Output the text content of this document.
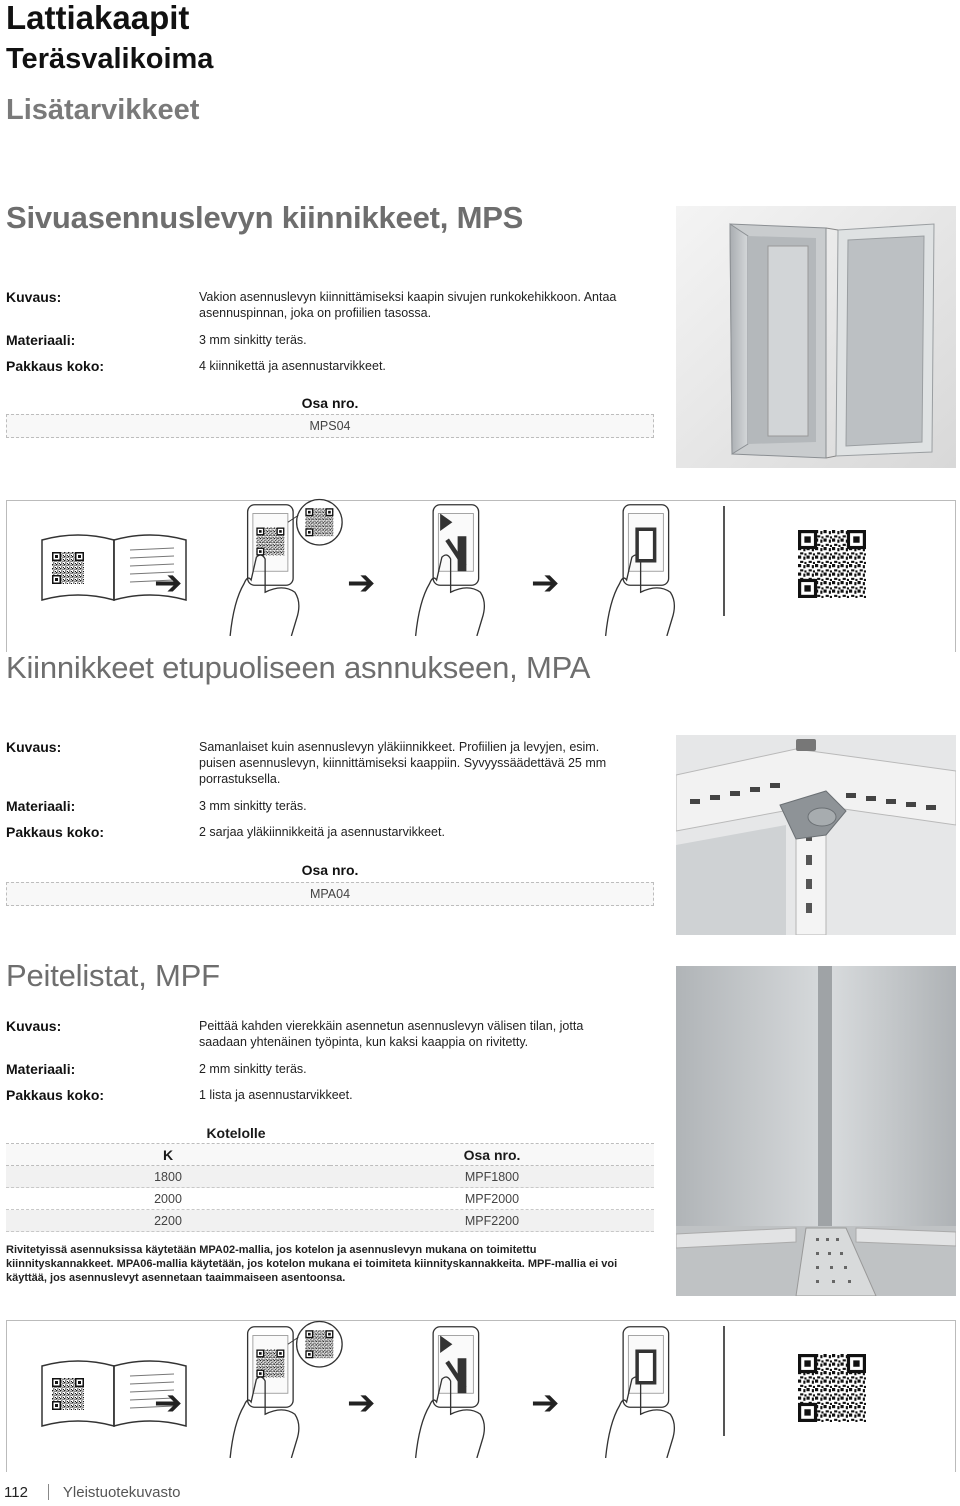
Lattiakaapit
Teräsvalikoima
Lisätarvikkeet
Sivuasennuslevyn kiinnikkeet, MPS
Kuvaus:	Vakion asennuslevyn kiinnittämiseksi kaapin sivujen runkokehikkoon. Antaa asennuspinnan, joka on profiilien tasossa.
Materiaali:	3 mm sinkitty teräs.
Pakkaus koko:	4 kiinnikettä ja asennustarvikkeet.
Osa nro.
MPS04
➔	➔	➔
Kiinnikkeet etupuoliseen asnnukseen, MPA
Kuvaus:	Samanlaiset kuin asennuslevyn yläkiinnikkeet. Profiilien ja levyjen, esim. puisen asennuslevyn, kiinnittämiseksi kaappiin. Syvyyssäädettävä 25 mm porrastuksella.
Materiaali:	3 mm sinkitty teräs.
Pakkaus koko:	2 sarjaa yläkiinnikkeitä ja asennustarvikkeet.
Osa nro.
MPA04
Peitelistat, MPF
Kuvaus:	Peittää kahden vierekkäin asennetun asennuslevyn välisen tilan, jotta saadaan yhtenäinen työpinta, kun kaksi kaappia on rivitetty.
Materiaali:	2 mm sinkitty teräs.
Pakkaus koko:	1 lista ja asennustarvikkeet.
Kotelolle	
K	Osa nro.
1800	MPF1800
2000	MPF2000
2200	MPF2200
Rivitetyissä asennuksissa käytetään MPA02-mallia, jos kotelon ja asennuslevyn mukana on toimitettu kiinnityskannakkeet. MPA06-mallia käytetään, jos kotelon mukana ei toimiteta kiinnityskannakkeita. MPF-mallia ei voi käyttää, jos asennuslevyt asennetaan taaimmaiseen asentoonsa.
➔	➔	➔
112 Yleistuotekuvasto
